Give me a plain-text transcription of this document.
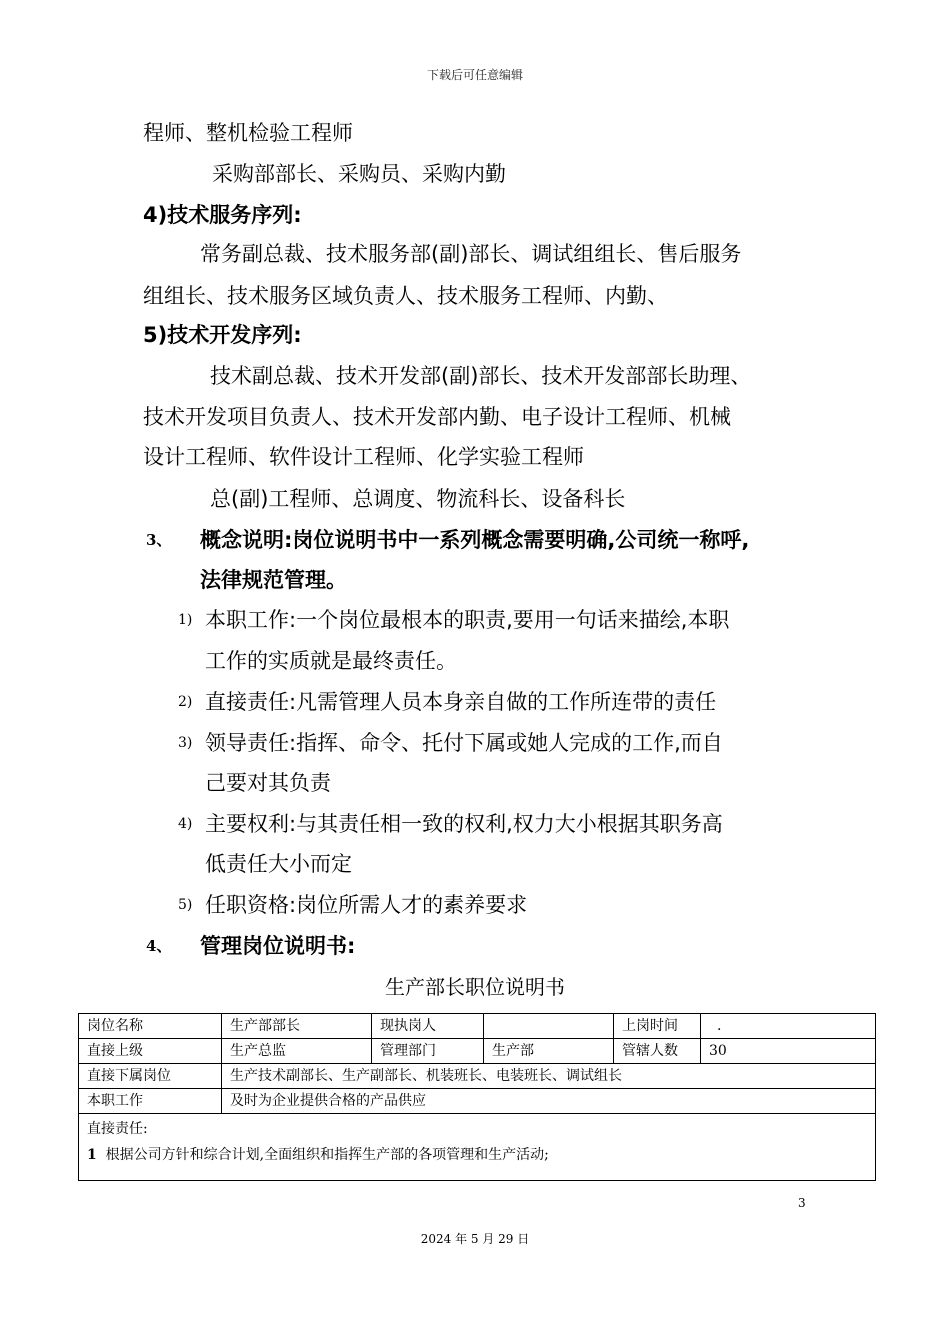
下载后可任意编辑
程师、整机检验工程师
采购部部长、采购员、采购内勤
4)技术服务序列:
常务副总裁、技术服务部(副)部长、调试组组长、售后服务
组组长、技术服务区域负责人、技术服务工程师、内勤、
5)技术开发序列:
技术副总裁、技术开发部(副)部长、技术开发部部长助理、
技术开发项目负责人、技术开发部内勤、电子设计工程师、机械
设计工程师、软件设计工程师、化学实验工程师
总(副)工程师、总调度、物流科长、设备科长
3、 概念说明:岗位说明书中一系列概念需要明确,公司统一称呼,
法律规范管理。
1) 本职工作:一个岗位最根本的职责,要用一句话来描绘,本职
工作的实质就是最终责任。
2) 直接责任:凡需管理人员本身亲自做的工作所连带的责任
3) 领导责任:指挥、命令、托付下属或她人完成的工作,而自
己要对其负责
4) 主要权利:与其责任相一致的权利,权力大小根据其职务高
低责任大小而定
5) 任职资格:岗位所需人才的素养要求
4、 管理岗位说明书:
生产部长职位说明书
岗位名称	生产部部长	现执岗人		上岗时间	.
直接上级	生产总监	管理部门	生产部	管辖人数	30
直接下属岗位	生产技术副部长、生产副部长、机装班长、电装班长、调试组长				
本职工作	及时为企业提供合格的产品供应				

直接责任:
1 根据公司方针和综合计划,全面组织和指挥生产部的各项管理和生产活动;					
3
2024 年 5 月 29 日
